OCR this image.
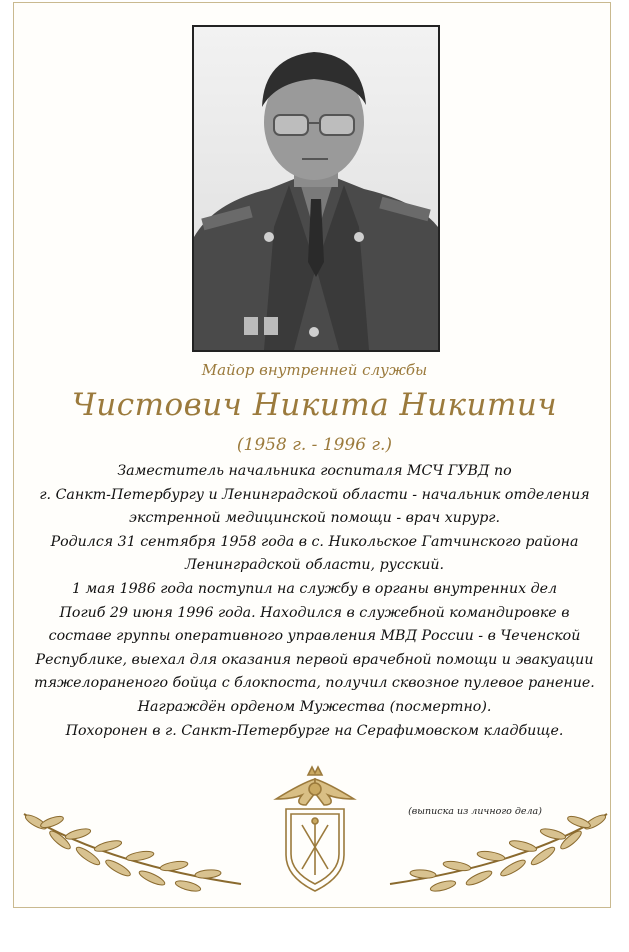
Майор внутренней службы
Чистович Никита Никитич
(1958 г. - 1996 г.)
Заместитель начальника госпиталя МСЧ ГУВД по
г. Санкт-Петербургу и Ленинградской области - начальник отделения
экстренной медицинской помощи - врач хирург.
Родился 31 сентября 1958 года в с. Никольское Гатчинского района
Ленинградской области, русский.
1 мая 1986 года поступил на службу в органы внутренних дел
Погиб 29 июня 1996 года. Находился в служебной командировке в
составе группы оперативного управления МВД России - в Чеченской
Республике, выехал для оказания первой врачебной помощи и эвакуации
тяжелораненого бойца с блокпоста, получил сквозное пулевое ранение.
Награждён орденом Мужества (посмертно).
Похоронен в г. Санкт-Петербурге на Серафимовском кладбище.
(выписка из личного дела)
